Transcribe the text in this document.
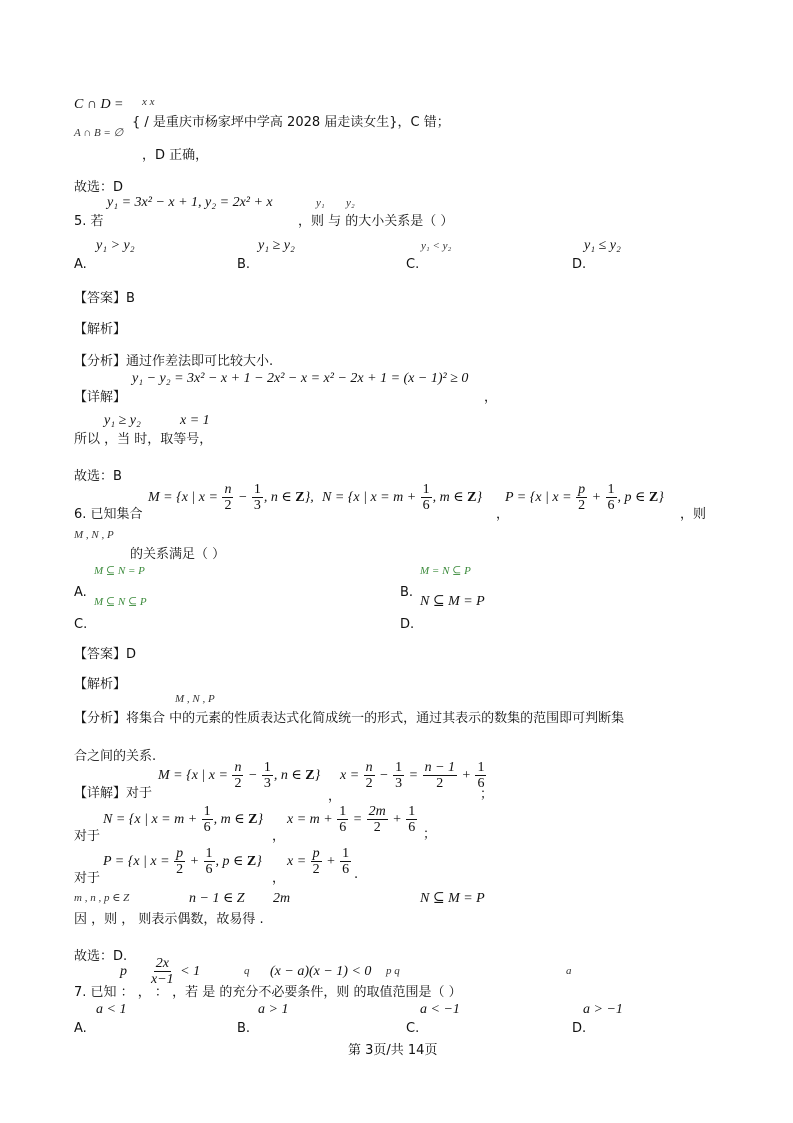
C ∩ D = x x
{ / 是重庆市杨家坪中学高 2028 届走读女生}，C 错；
A ∩ B = ∅
，D 正确，
故选：D
y₁ = 3x² − x + 1, y₂ = 2x² + x	y₁ y₂
5. 若	，则 与 的大小关系是（ ）
y₁ > y₂	y₁ ≥ y₂	y₁ < y₂	y₁ ≤ y₂
A.	B.	C.	D.
【答案】B
【解析】
【分析】通过作差法即可比较大小.
y₁ − y₂ = 3x² − x + 1 − 2x² − x = x² − 2x + 1 = (x − 1)² ≥ 0
【详解】	，
y₁ ≥ y₂	x = 1
所以 ，当 时，取等号，
故选：B
M = {x | $x = \frac{n}{2} - \frac{1}{3}$ , n ∈ Z}, N = {x | $x = m + \frac{1}{6}$ , m ∈ Z} P = {x | $x = \frac{p}{2} + \frac{1}{6}$ , p ∈ Z}
6. 已知集合	，	，则
M , N , P
的关系满足（ ）
M ⊆ N = P	M = N ⊆ P
A.	B.
M ⊆ N ⊆ P	N ⊆ M = P
C.	D.
【答案】D
【解析】
M , N , P
【分析】将集合 中的元素的性质表达式化简成统一的形式，通过其表示的数集的范围即可判断集
合之间的关系.
M = {x | $x = \frac{n}{2} - \frac{1}{3}$ , n ∈ Z}
，
$x = \frac{n}{2} - \frac{1}{3} = \frac{n - 1}{2} + \frac{1}{6}$
；
【详解】对于
N = {x | $x = m + \frac{1}{6}$ , m ∈ Z}
，
$x = m + \frac{1}{6} = \frac{2m}{2} + \frac{1}{6}$ ；
对于
P = {x | $x = \frac{p}{2} + \frac{1}{6}$ , p ∈ Z}
，
$x = \frac{p}{2} + \frac{1}{6}$ .
对于
m , n , p ∈ Z	n − 1 ∈ Z 2m	N ⊆ M = P
因 ，则 ， 则表示偶数，故易得 .
故选：D.
p $\frac{2x}{x-1} < 1$	q (x − a)(x − 1) < 0 p q	a
7. 已知 ： ， ： ，若 是 的充分不必要条件，则 的取值范围是（ ）
a < 1	a > 1	a < −1	a > −1
A.	B.	C.	D.
第 3页/共 14页
